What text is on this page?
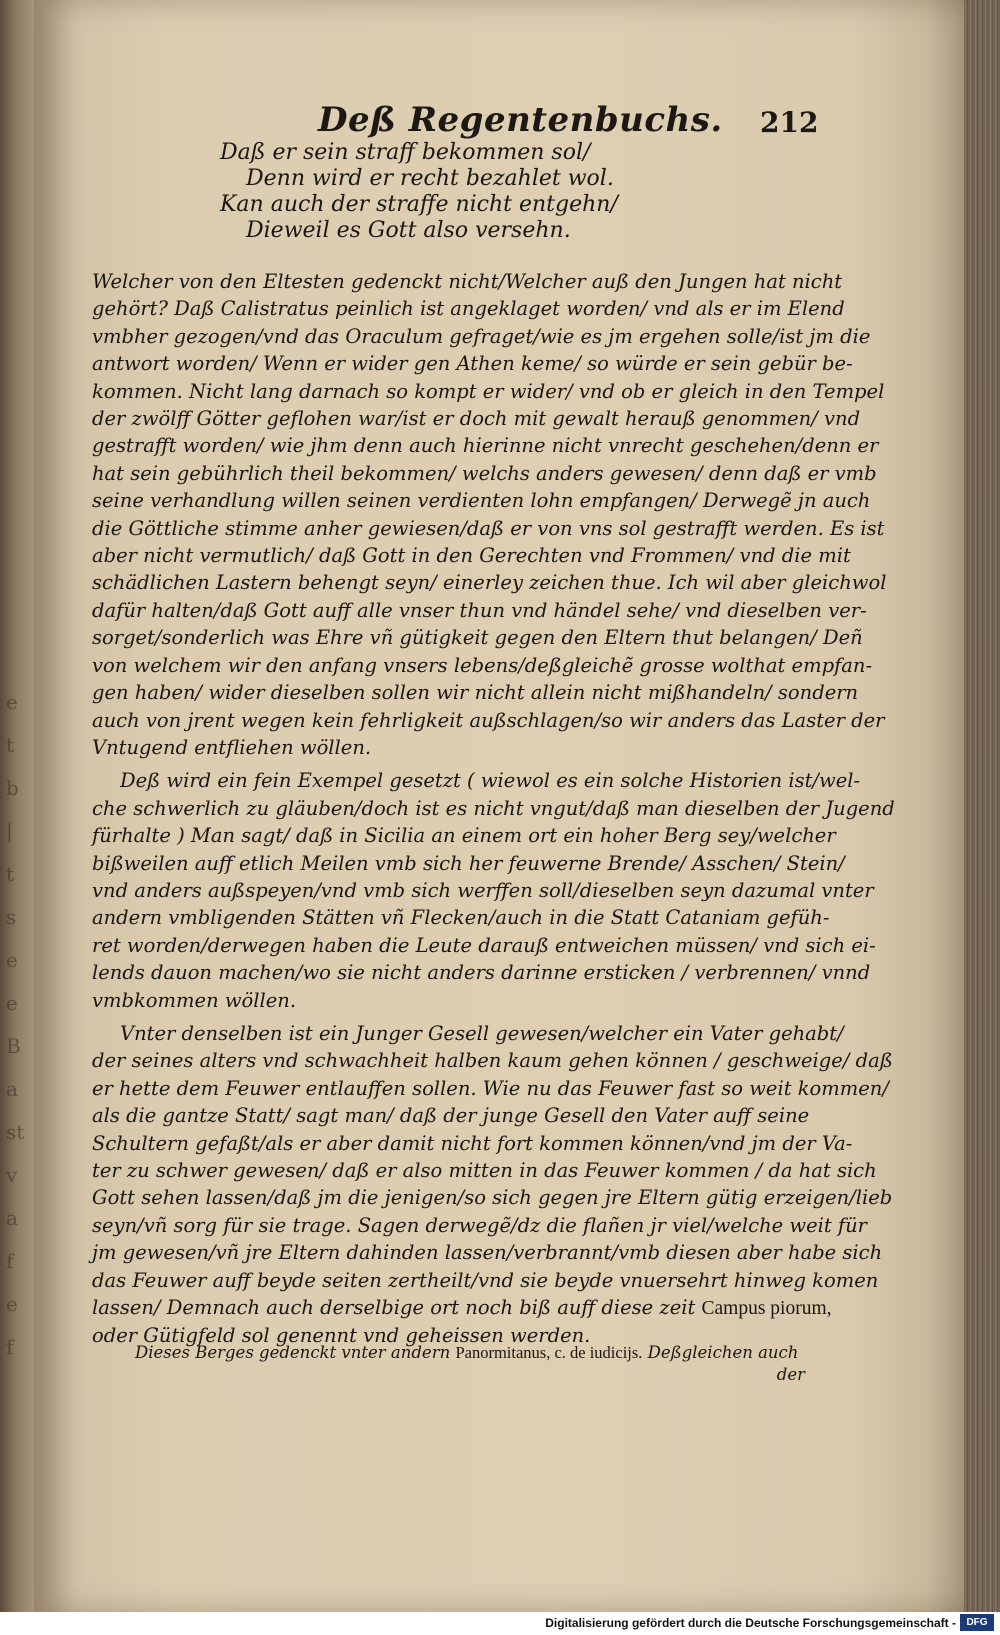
e
t
b
|
t
s
e
e
B
a
st
v
a
f
e
f
Deß Regentenbuchs. 212
Daß er sein straff bekommen sol/
Denn wird er recht bezahlet wol.
Kan auch der straffe nicht entgehn/
Dieweil es Gott also versehn.
Welcher von den Eltesten gedenckt nicht/Welcher auß den Jungen hat nicht
gehört? Daß Calistratus peinlich ist angeklaget worden/ vnd als er im Elend
vmbher gezogen/vnd das Oraculum gefraget/wie es jm ergehen solle/ist jm die
antwort worden/ Wenn er wider gen Athen keme/ so würde er sein gebür be-
kommen. Nicht lang darnach so kompt er wider/ vnd ob er gleich in den Tempel
der zwölff Götter geflohen war/ist er doch mit gewalt herauß genommen/ vnd
gestrafft worden/ wie jhm denn auch hierinne nicht vnrecht geschehen/denn er
hat sein gebührlich theil bekommen/ welchs anders gewesen/ denn daß er vmb
seine verhandlung willen seinen verdienten lohn empfangen/ Derwegẽ jn auch
die Göttliche stimme anher gewiesen/daß er von vns sol gestrafft werden. Es ist
aber nicht vermutlich/ daß Gott in den Gerechten vnd Frommen/ vnd die mit
schädlichen Lastern behengt seyn/ einerley zeichen thue. Ich wil aber gleichwol
dafür halten/daß Gott auff alle vnser thun vnd händel sehe/ vnd dieselben ver-
sorget/sonderlich was Ehre vñ gütigkeit gegen den Eltern thut belangen/ Deñ
von welchem wir den anfang vnsers lebens/deßgleichẽ grosse wolthat empfan-
gen haben/ wider dieselben sollen wir nicht allein nicht mißhandeln/ sondern
auch von jrent wegen kein fehrligkeit außschlagen/so wir anders das Laster der
Vntugend entfliehen wöllen.
Deß wird ein fein Exempel gesetzt ( wiewol es ein solche Historien ist/wel-
che schwerlich zu gläuben/doch ist es nicht vngut/daß man dieselben der Jugend
fürhalte ) Man sagt/ daß in Sicilia an einem ort ein hoher Berg sey/welcher
bißweilen auff etlich Meilen vmb sich her feuwerne Brende/ Asschen/ Stein/
vnd anders außspeyen/vnd vmb sich werffen soll/dieselben seyn dazumal vnter
andern vmbligenden Stätten vñ Flecken/auch in die Statt Cataniam gefüh-
ret worden/derwegen haben die Leute darauß entweichen müssen/ vnd sich ei-
lends dauon machen/wo sie nicht anders darinne ersticken / verbrennen/ vnnd
vmbkommen wöllen.
Vnter denselben ist ein Junger Gesell gewesen/welcher ein Vater gehabt/
der seines alters vnd schwachheit halben kaum gehen können / geschweige/ daß
er hette dem Feuwer entlauffen sollen. Wie nu das Feuwer fast so weit kommen/
als die gantze Statt/ sagt man/ daß der junge Gesell den Vater auff seine
Schultern gefaßt/als er aber damit nicht fort kommen können/vnd jm der Va-
ter zu schwer gewesen/ daß er also mitten in das Feuwer kommen / da hat sich
Gott sehen lassen/daß jm die jenigen/so sich gegen jre Eltern gütig erzeigen/lieb
seyn/vñ sorg für sie trage. Sagen derwegẽ/dz die flañen jr viel/welche weit für
jm gewesen/vñ jre Eltern dahinden lassen/verbrannt/vmb diesen aber habe sich
das Feuwer auff beyde seiten zertheilt/vnd sie beyde vnuersehrt hinweg komen
lassen/ Demnach auch derselbige ort noch biß auff diese zeit Campus piorum,
oder Gütigfeld sol genennt vnd geheissen werden.
Dieses Berges gedenckt vnter andern Panormitanus, c. de iudicijs. Deßgleichen auch
der
Digitalisierung gefördert durch die Deutsche Forschungsgemeinschaft -	DFG
